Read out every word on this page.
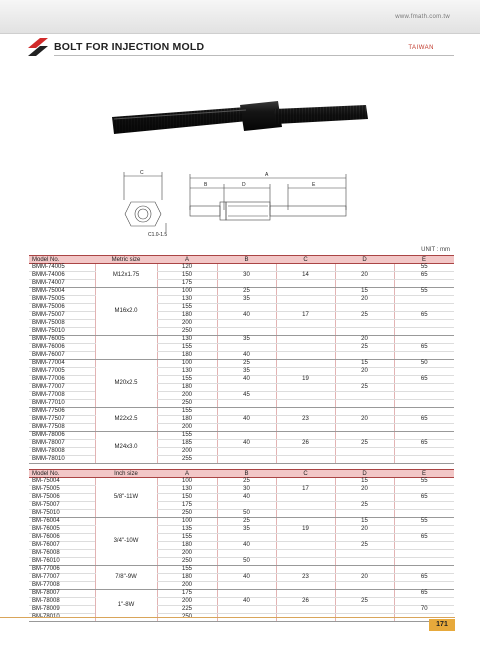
www.fmath.com.tw
BOLT FOR INJECTION MOLD	TAIWAN
C	A
B	D	E
C1.0-1.5
UNIT : mm
Model No.	Metric size	A	B	C	D	E
BMM-74005	M12x1.75	120				55
BMM-74006		150	30	14	20	65
BMM-74007		175				
BMM-75004	M16x2.0	100	25		15	55
BMM-75005		130	35		20	
BMM-75006		155				
BMM-75007		180	40	17	25	65
BMM-75008		200				
BMM-75010		250				
BMM-76005		130	35		20	
BMM-76006		155			25	65
BMM-76007		180	40			
BMM-77004	M20x2.5	100	25		15	50
BMM-77005		130	35		20	
BMM-77006		155	40	19		65
BMM-77007		180			25	
BMM-77008		200	45			
BMM-77010		250				
BMM-77506	M22x2.5	155				
BMM-77507		180	40	23	20	65
BMM-77508		200				
BMM-78006	M24x3.0	155				
BMM-78007		185	40	26	25	65
BMM-78008		200				
BMM-78010		255				
Model No.	Inch size	A	B	C	D	E
BM-75004	5/8"-11W	100	25		15	55
BM-75005		130	30	17	20	
BM-75006		150	40			65
BM-75007		175			25	
BM-75010		250	50			
BM-76004	3/4"-10W	100	25		15	55
BM-76005		135	35	19	20	
BM-76006		155				65
BM-76007		180	40		25	
BM-76008		200				
BM-76010		250	50			
BM-77006	7/8"-9W	155				
BM-77007		180	40	23	20	65
BM-77008		200				
BM-78007	1"-8W	175				65
BM-78008		200	40	26	25	
BM-78009		225				70

171
